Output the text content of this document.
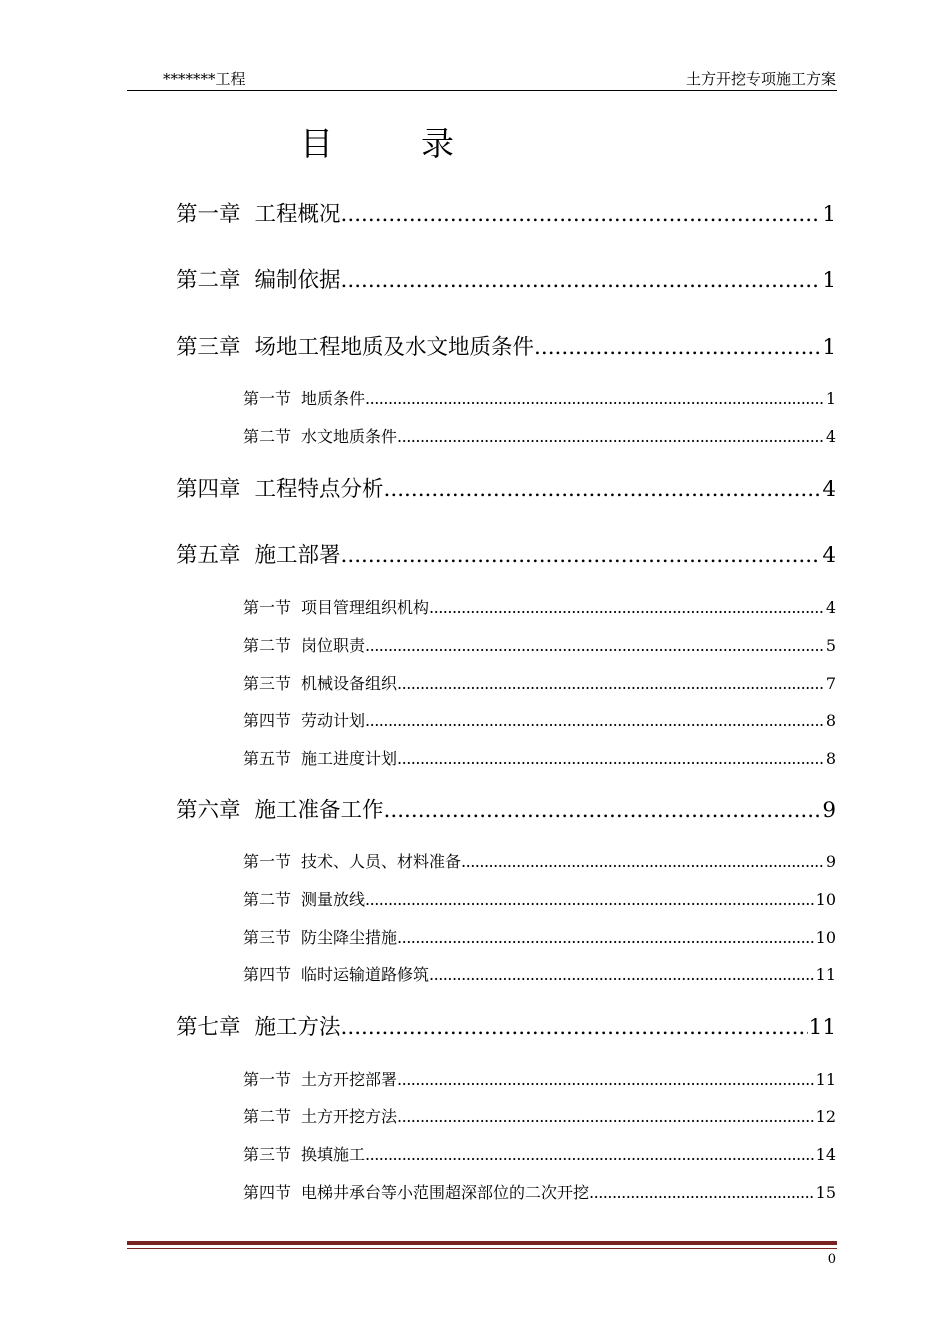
*******工程	土方开挖专项施工方案
目	录
第一章 工程概况 .....	1
第二章 编制依据 .....	1
第三章 场地工程地质及水文地质条件 .....	1
第一节 地质条件 .....	1
第二节 水文地质条件 .....	4
第四章 工程特点分析 .....	4
第五章 施工部署 .....	4
第一节 项目管理组织机构 .....	4
第二节 岗位职责 .....	5
第三节 机械设备组织 .....	7
第四节 劳动计划 .....	8
第五节 施工进度计划 .....	8
第六章 施工准备工作 .....	9
第一节 技术、人员、材料准备 .....	9
第二节 测量放线 .....	10
第三节 防尘降尘措施 .....	10
第四节 临时运输道路修筑 .....	11
第七章 施工方法 .....	11
第一节 土方开挖部署 .....	11
第二节 土方开挖方法 .....	12
第三节 换填施工 .....	14
第四节 电梯井承台等小范围超深部位的二次开挖 .....	15
0
